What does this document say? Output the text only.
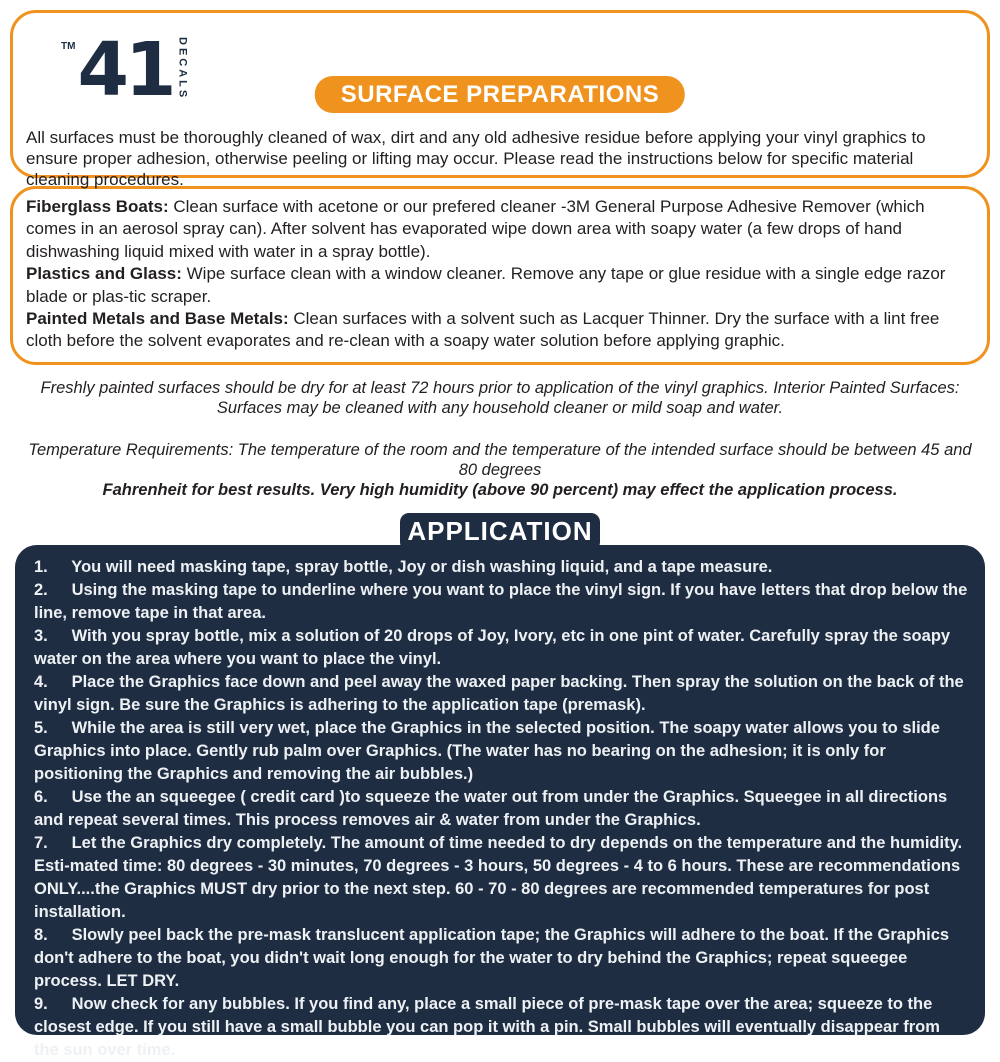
TM 41 DECALS	SURFACE PREPARATIONS

All surfaces must be thoroughly cleaned of wax, dirt and any old adhesive residue before applying your vinyl graphics to ensure proper adhesion, otherwise peeling or lifting may occur. Please read the instructions below for specific material cleaning procedures.

Fiberglass Boats: Clean surface with acetone or our prefered cleaner -3M General Purpose Adhesive Remover (which comes in an aerosol spray can). After solvent has evaporated wipe down area with soapy water (a few drops of hand dishwashing liquid mixed with water in a spray bottle).

Plastics and Glass: Wipe surface clean with a window cleaner. Remove any tape or glue residue with a single edge razor blade or plas-tic scraper.

Painted Metals and Base Metals: Clean surfaces with a solvent such as Lacquer Thinner. Dry the surface with a lint free cloth before the solvent evaporates and re-clean with a soapy water solution before applying graphic.

Freshly painted surfaces should be dry for at least 72 hours prior to application of the vinyl graphics. Interior Painted Surfaces: Surfaces may be cleaned with any household cleaner or mild soap and water.

Temperature Requirements: The temperature of the room and the temperature of the intended surface should be between 45 and 80 degrees
Fahrenheit for best results. Very high humidity (above 90 percent) may effect the application process.

APPLICATION

1. You will need masking tape, spray bottle, Joy or dish washing liquid, and a tape measure.

2. Using the masking tape to underline where you want to place the vinyl sign. If you have letters that drop below the line, remove tape in that area.

3. With you spray bottle, mix a solution of 20 drops of Joy, Ivory, etc in one pint of water. Carefully spray the soapy water on the area where you want to place the vinyl.

4. Place the Graphics face down and peel away the waxed paper backing. Then spray the solution on the back of the vinyl sign. Be sure the Graphics is adhering to the application tape (premask).

5. While the area is still very wet, place the Graphics in the selected position. The soapy water allows you to slide Graphics into place. Gently rub palm over Graphics. (The water has no bearing on the adhesion; it is only for positioning the Graphics and removing the air bubbles.)

6. Use the an squeegee ( credit card )to squeeze the water out from under the Graphics. Squeegee in all directions and repeat several times. This process removes air & water from under the Graphics.

7. Let the Graphics dry completely. The amount of time needed to dry depends on the temperature and the humidity. Esti-mated time: 80 degrees - 30 minutes, 70 degrees - 3 hours, 50 degrees - 4 to 6 hours. These are recommendations ONLY....the Graphics MUST dry prior to the next step. 60 - 70 - 80 degrees are recommended temperatures for post installation.

8. Slowly peel back the pre-mask translucent application tape; the Graphics will adhere to the boat. If the Graphics don't adhere to the boat, you didn't wait long enough for the water to dry behind the Graphics; repeat squeegee process. LET DRY.

9. Now check for any bubbles. If you find any, place a small piece of pre-mask tape over the area; squeeze to the closest edge. If you still have a small bubble you can pop it with a pin. Small bubbles will eventually disappear from the sun over time.
